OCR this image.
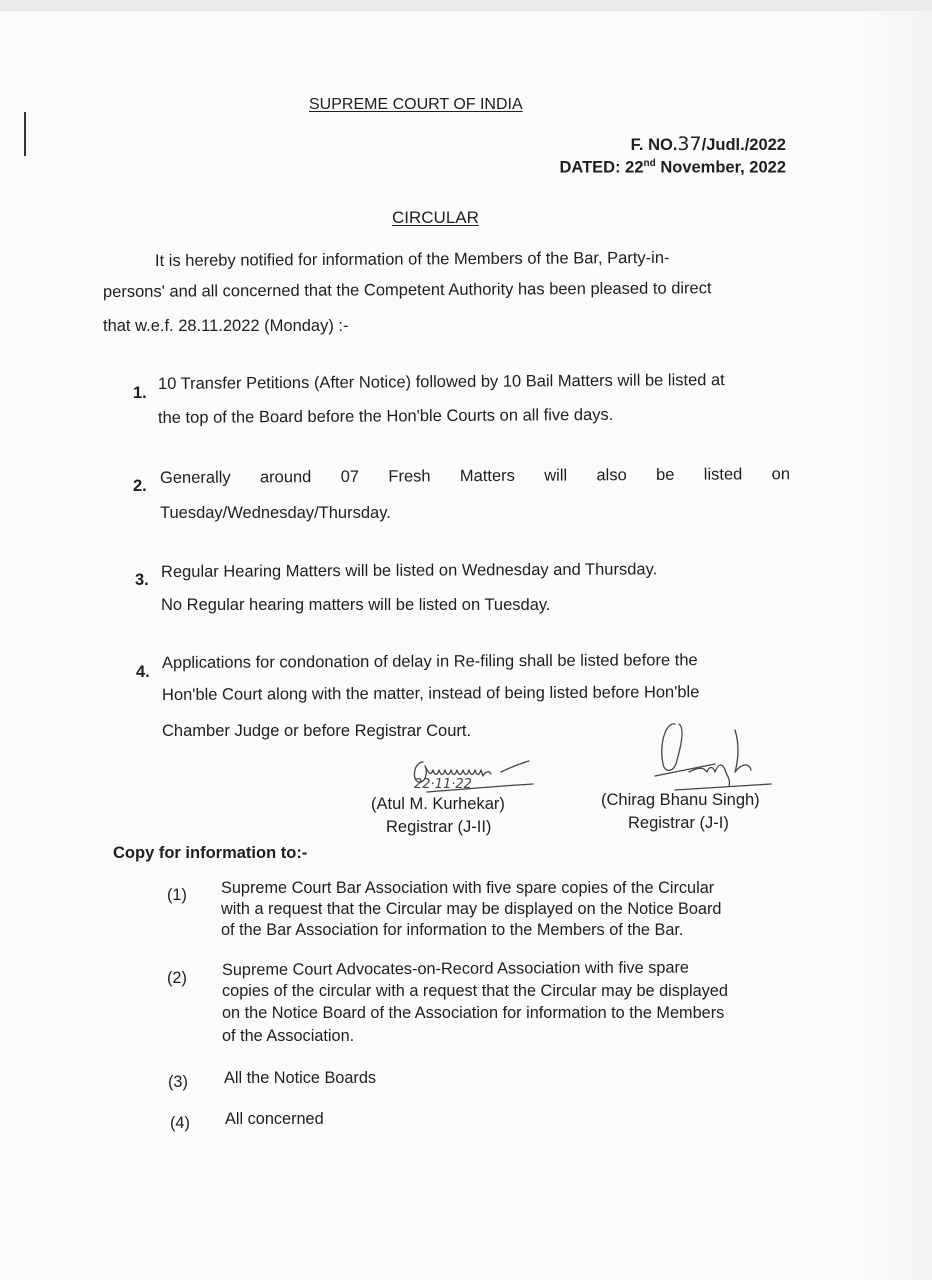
SUPREME COURT OF INDIA
F. NO.37/Judl./2022
DATED: 22nd November, 2022
CIRCULAR
It is hereby notified for information of the Members of the Bar, Party-in-
persons' and all concerned that the Competent Authority has been pleased to direct
that w.e.f. 28.11.2022 (Monday) :-
1.
10 Transfer Petitions (After Notice) followed by 10 Bail Matters will be listed at
the top of the Board before the Hon'ble Courts on all five days.
2. Generally around 07 Fresh Matters will also be listed on
Tuesday/Wednesday/Thursday.
3. Regular Hearing Matters will be listed on Wednesday and Thursday.
No Regular hearing matters will be listed on Tuesday.
4.
Applications for condonation of delay in Re-filing shall be listed before the
Hon'ble Court along with the matter, instead of being listed before Hon'ble
Chamber Judge or before Registrar Court.
22·11·22
(Atul M. Kurhekar)
Registrar (J-II)
(Chirag Bhanu Singh)
Registrar (J-I)
Copy for information to:-
(1) Supreme Court Bar Association with five spare copies of the Circular
with a request that the Circular may be displayed on the Notice Board
of the Bar Association for information to the Members of the Bar.
(2) Supreme Court Advocates-on-Record Association with five spare
copies of the circular with a request that the Circular may be displayed
on the Notice Board of the Association for information to the Members
of the Association.
(3) All the Notice Boards
(4) All concerned
